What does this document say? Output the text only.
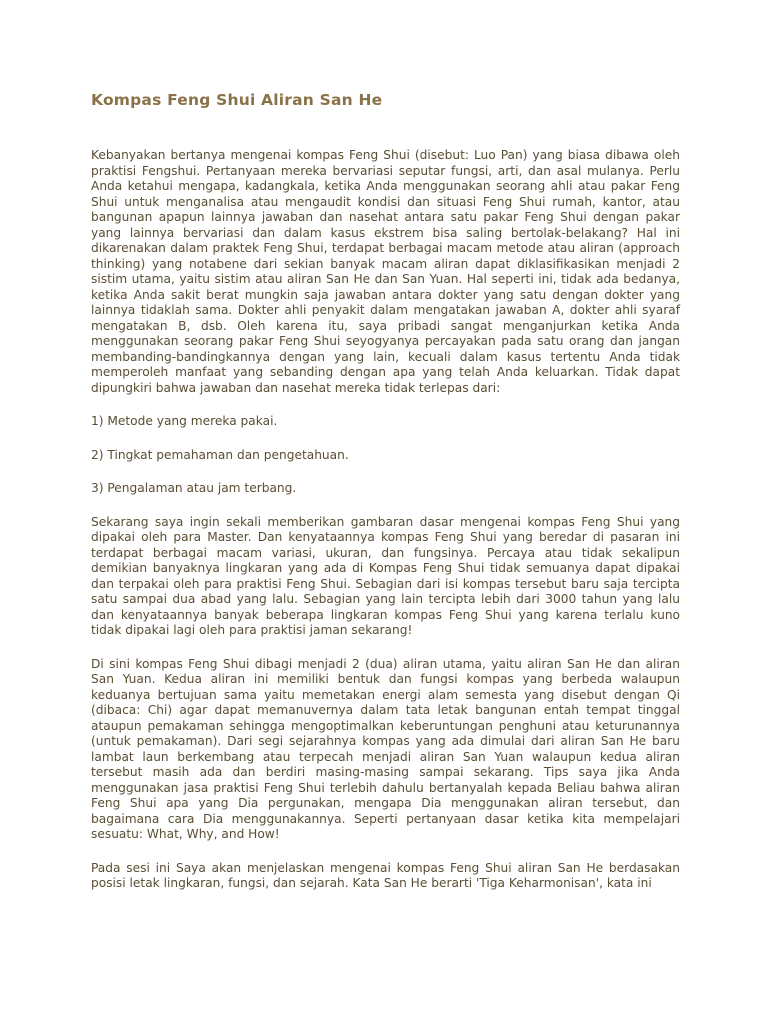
Kompas Feng Shui Aliran San He

Kebanyakan bertanya mengenai kompas Feng Shui (disebut: Luo Pan) yang biasa dibawa oleh praktisi Fengshui. Pertanyaan mereka bervariasi seputar fungsi, arti, dan asal mulanya. Perlu Anda ketahui mengapa, kadangkala, ketika Anda menggunakan seorang ahli atau pakar Feng Shui untuk menganalisa atau mengaudit kondisi dan situasi Feng Shui rumah, kantor, atau bangunan apapun lainnya jawaban dan nasehat antara satu pakar Feng Shui dengan pakar yang lainnya bervariasi dan dalam kasus ekstrem bisa saling bertolak-belakang? Hal ini dikarenakan dalam praktek Feng Shui, terdapat berbagai macam metode atau aliran (approach thinking) yang notabene dari sekian banyak macam aliran dapat diklasifikasikan menjadi 2 sistim utama, yaitu sistim atau aliran San He dan San Yuan. Hal seperti ini, tidak ada bedanya, ketika Anda sakit berat mungkin saja jawaban antara dokter yang satu dengan dokter yang lainnya tidaklah sama. Dokter ahli penyakit dalam mengatakan jawaban A, dokter ahli syaraf mengatakan B, dsb. Oleh karena itu, saya pribadi sangat menganjurkan ketika Anda menggunakan seorang pakar Feng Shui seyogyanya percayakan pada satu orang dan jangan membanding-bandingkannya dengan yang lain, kecuali dalam kasus tertentu Anda tidak memperoleh manfaat yang sebanding dengan apa yang telah Anda keluarkan. Tidak dapat dipungkiri bahwa jawaban dan nasehat mereka tidak terlepas dari:

1) Metode yang mereka pakai.

2) Tingkat pemahaman dan pengetahuan.

3) Pengalaman atau jam terbang.

Sekarang saya ingin sekali memberikan gambaran dasar mengenai kompas Feng Shui yang dipakai oleh para Master. Dan kenyataannya kompas Feng Shui yang beredar di pasaran ini terdapat berbagai macam variasi, ukuran, dan fungsinya. Percaya atau tidak sekalipun demikian banyaknya lingkaran yang ada di Kompas Feng Shui tidak semuanya dapat dipakai dan terpakai oleh para praktisi Feng Shui. Sebagian dari isi kompas tersebut baru saja tercipta satu sampai dua abad yang lalu. Sebagian yang lain tercipta lebih dari 3000 tahun yang lalu dan kenyataannya banyak beberapa lingkaran kompas Feng Shui yang karena terlalu kuno tidak dipakai lagi oleh para praktisi jaman sekarang!

Di sini kompas Feng Shui dibagi menjadi 2 (dua) aliran utama, yaitu aliran San He dan aliran San Yuan. Kedua aliran ini memiliki bentuk dan fungsi kompas yang berbeda walaupun keduanya bertujuan sama yaitu memetakan energi alam semesta yang disebut dengan Qi (dibaca: Chi) agar dapat memanuvernya dalam tata letak bangunan entah tempat tinggal ataupun pemakaman sehingga mengoptimalkan keberuntungan penghuni atau keturunannya (untuk pemakaman). Dari segi sejarahnya kompas yang ada dimulai dari aliran San He baru lambat laun berkembang atau terpecah menjadi aliran San Yuan walaupun kedua aliran tersebut masih ada dan berdiri masing-masing sampai sekarang. Tips saya jika Anda menggunakan jasa praktisi Feng Shui terlebih dahulu bertanyalah kepada Beliau bahwa aliran Feng Shui apa yang Dia pergunakan, mengapa Dia menggunakan aliran tersebut, dan bagaimana cara Dia menggunakannya. Seperti pertanyaan dasar ketika kita mempelajari sesuatu: What, Why, and How!

Pada sesi ini Saya akan menjelaskan mengenai kompas Feng Shui aliran San He berdasakan posisi letak lingkaran, fungsi, dan sejarah. Kata San He berarti 'Tiga Keharmonisan', kata ini
